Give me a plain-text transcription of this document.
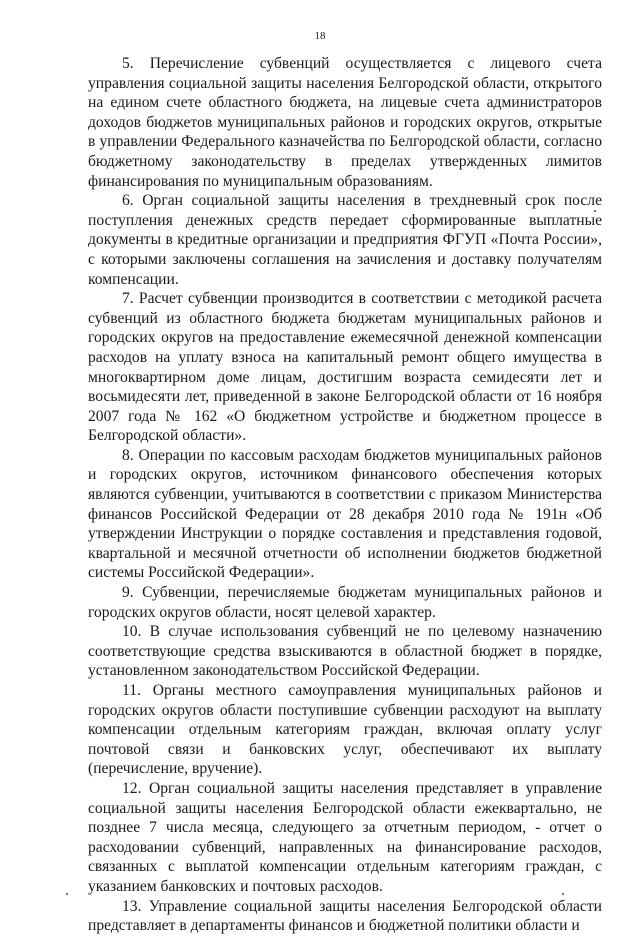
18

5. Перечисление субвенций осуществляется с лицевого счета управления социальной защиты населения Белгородской области, открытого на едином счете областного бюджета, на лицевые счета администраторов доходов бюджетов муниципальных районов и городских округов, открытые в управлении Федерального казначейства по Белгородской области, согласно бюджетному законодательству в пределах утвержденных лимитов финансирования по муниципальным образованиям.

6. Орган социальной защиты населения в трехдневный срок после поступления денежных средств передает сформированные выплатные документы в кредитные организации и предприятия ФГУП «Почта России», с которыми заключены соглашения на зачисления и доставку получателям компенсации.

7. Расчет субвенции производится в соответствии с методикой расчета субвенций из областного бюджета бюджетам муниципальных районов и городских округов на предоставление ежемесячной денежной компенсации расходов на уплату взноса на капитальный ремонт общего имущества в многоквартирном доме лицам, достигшим возраста семидесяти лет и восьмидесяти лет, приведенной в законе Белгородской области от 16 ноября 2007 года № 162 «О бюджетном устройстве и бюджетном процессе в Белгородской области».

8. Операции по кассовым расходам бюджетов муниципальных районов и городских округов, источником финансового обеспечения которых являются субвенции, учитываются в соответствии с приказом Министерства финансов Российской Федерации от 28 декабря 2010 года № 191н «Об утверждении Инструкции о порядке составления и представления годовой, квартальной и месячной отчетности об исполнении бюджетов бюджетной системы Российской Федерации».

9. Субвенции, перечисляемые бюджетам муниципальных районов и городских округов области, носят целевой характер.

10. В случае использования субвенций не по целевому назначению соответствующие средства взыскиваются в областной бюджет в порядке, установленном законодательством Российской Федерации.

11. Органы местного самоуправления муниципальных районов и городских округов области поступившие субвенции расходуют на выплату компенсации отдельным категориям граждан, включая оплату услуг почтовой связи и банковских услуг, обеспечивают их выплату (перечисление, вручение).

12. Орган социальной защиты населения представляет в управление социальной защиты населения Белгородской области ежеквартально, не позднее 7 числа месяца, следующего за отчетным периодом, - отчет о расходовании субвенций, направленных на финансирование расходов, связанных с выплатой компенсации отдельным категориям граждан, с указанием банковских и почтовых расходов.

13. Управление социальной защиты населения Белгородской области представляет в департаменты финансов и бюджетной политики области и
